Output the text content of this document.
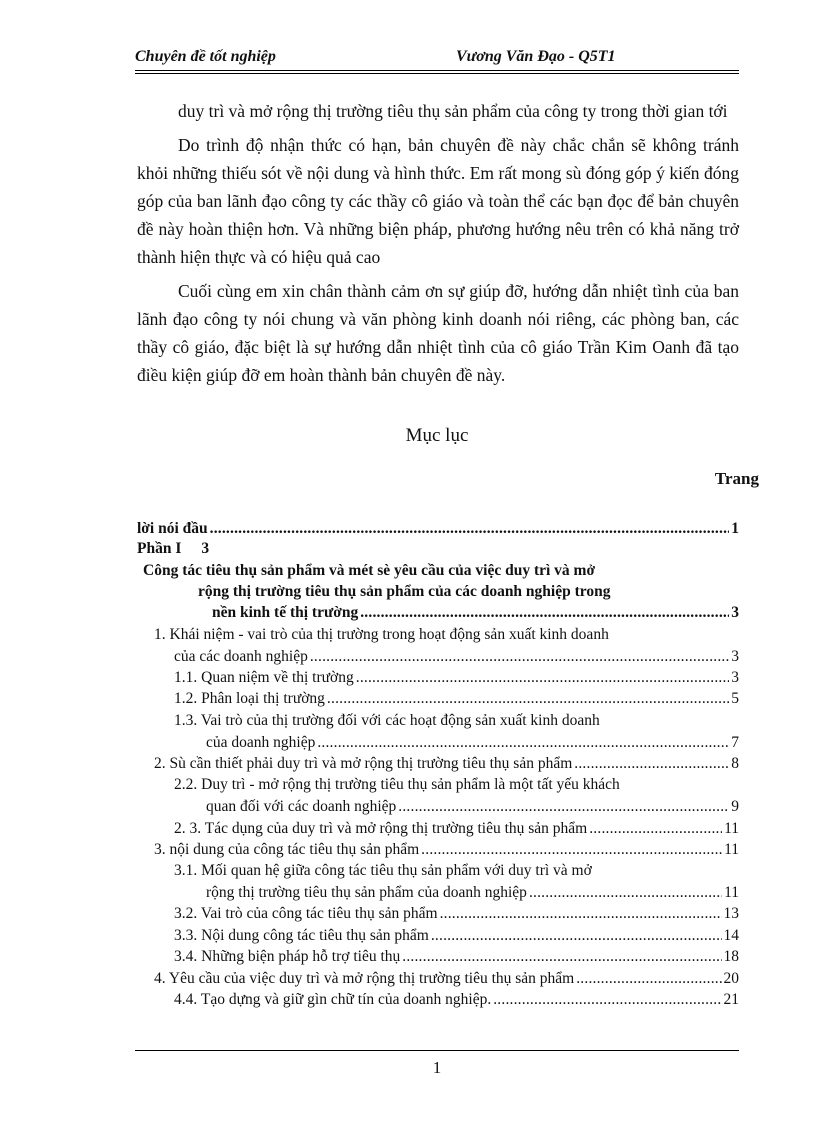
Chuyên đề tốt nghiệp	Vương Văn Đạo - Q5T1

duy trì và mở rộng thị trường tiêu thụ sản phẩm của công ty trong thời gian tới

Do trình độ nhận thức có hạn, bản chuyên đề này chắc chắn sẽ không tránh khỏi những thiếu sót về nội dung và hình thức. Em rất mong sù đóng góp ý kiến đóng góp của ban lãnh đạo công ty các thầy cô giáo và toàn thể các bạn đọc để bản chuyên đề này hoàn thiện hơn. Và những biện pháp, phương hướng nêu trên có khả năng trở thành hiện thực và có hiệu quả cao

Cuối cùng em xin chân thành cảm ơn sự giúp đỡ, hướng dẫn nhiệt tình của ban lãnh đạo công ty nói chung và văn phòng kinh doanh nói riêng, các phòng ban, các thầy cô giáo, đặc biệt là sự hướng dẫn nhiệt tình của cô giáo Trần Kim Oanh đã tạo điều kiện giúp đỡ em hoàn thành bản chuyên đề này.

Mục lục
Trang
lời nói đầu .....	1
Phần I 3
Công tác tiêu thụ sản phẩm và mét sè yêu cầu của việc duy trì và mở
rộng thị trường tiêu thụ sản phẩm của các doanh nghiệp trong
nền kinh tế thị trường .....	3
1. Khái niệm - vai trò của thị trường trong hoạt động sản xuất kinh doanh
của các doanh nghiệp .....	3
1.1. Quan niệm về thị trường .....	3
1.2. Phân loại thị trường .....	5
1.3. Vai trò của thị trường đối với các hoạt động sản xuất kinh doanh
của doanh nghiệp .....	7
2. Sù cần thiết phải duy trì và mở rộng thị trường tiêu thụ sản phẩm .....	8
2.2. Duy trì - mở rộng thị trường tiêu thụ sản phẩm là một tất yếu khách
quan đối với các doanh nghiệp .....	9
2. 3. Tác dụng của duy trì và mở rộng thị trường tiêu thụ sản phẩm .....	11
3. nội dung của công tác tiêu thụ sản phẩm .....	11
3.1. Mối quan hệ giữa công tác tiêu thụ sản phẩm với duy trì và mở
rộng thị trường tiêu thụ sản phẩm của doanh nghiệp .....	11
3.2. Vai trò của công tác tiêu thụ sản phẩm .....	13
3.3. Nội dung công tác tiêu thụ sản phẩm .....	14
3.4. Những biện pháp hỗ trợ tiêu thụ .....	18
4. Yêu cầu của việc duy trì và mở rộng thị trường tiêu thụ sản phẩm .....	20
4.4. Tạo dựng và giữ gìn chữ tín của doanh nghiệp. .....	21
1
